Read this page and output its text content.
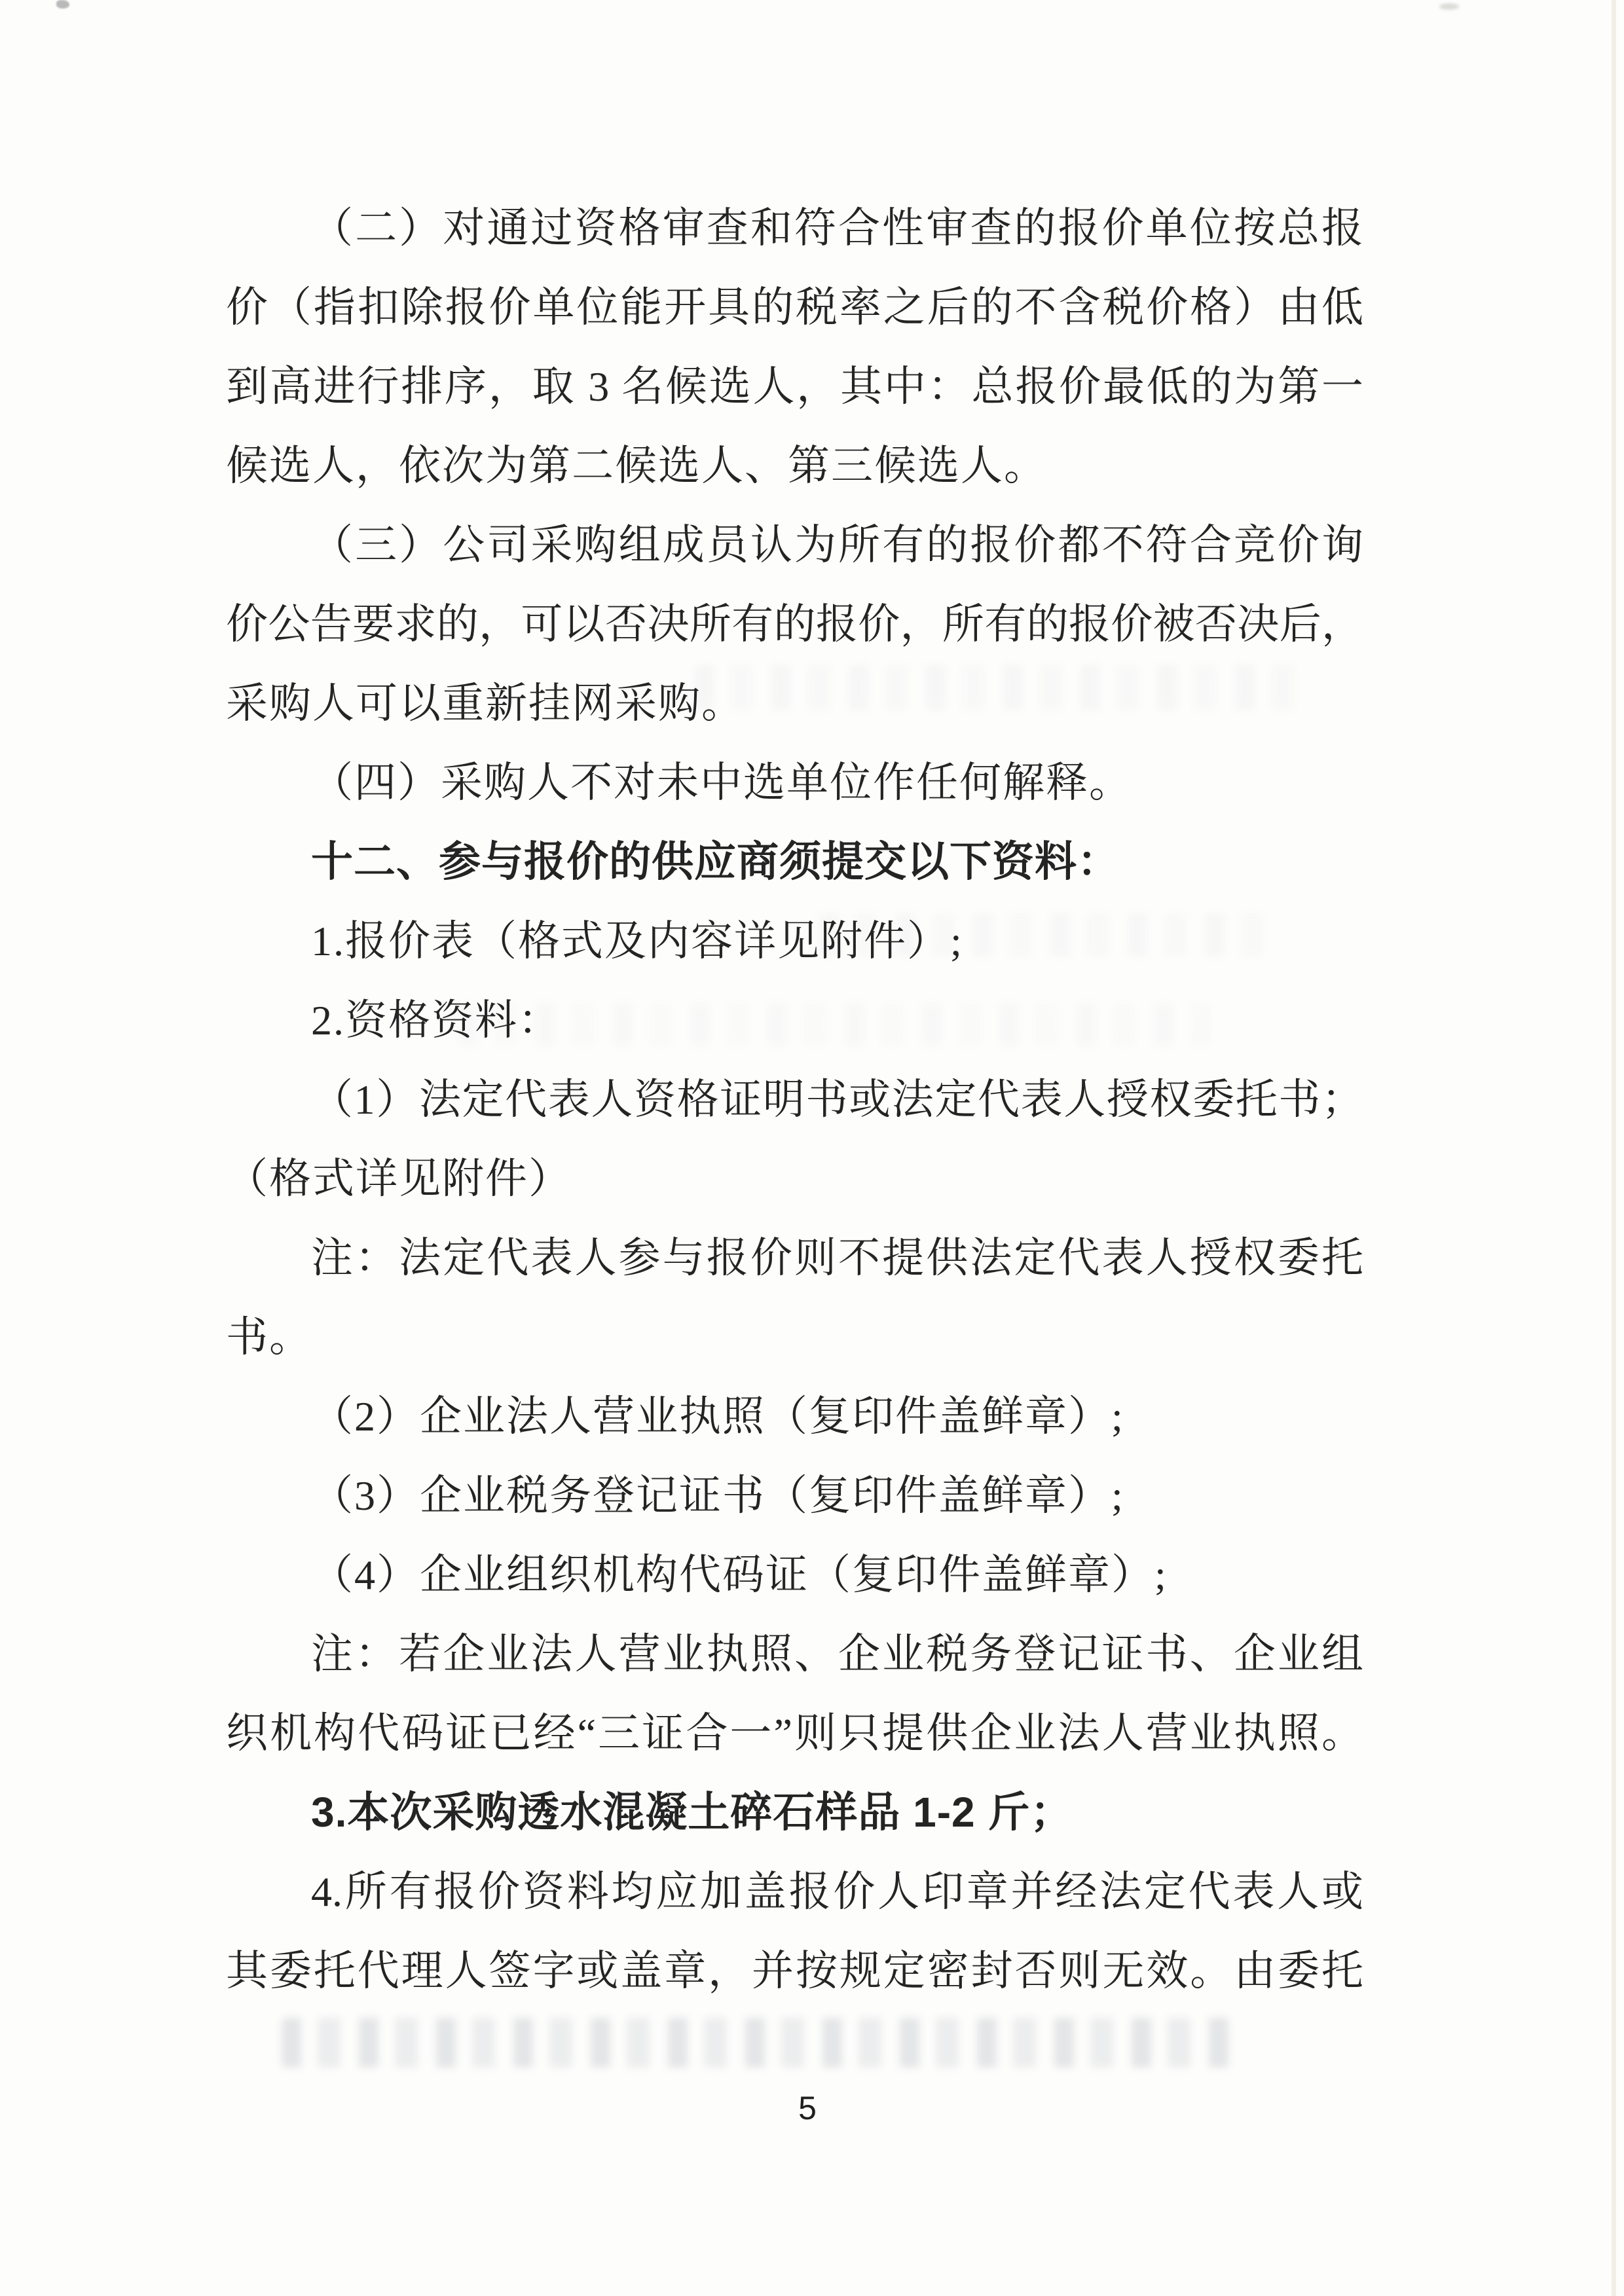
（二）对通过资格审查和符合性审查的报价单位按总报
价（指扣除报价单位能开具的税率之后的不含税价格）由低
到高进行排序，取 3 名候选人，其中：总报价最低的为第一
候选人，依次为第二候选人、第三候选人。
（三）公司采购组成员认为所有的报价都不符合竞价询
价公告要求的，可以否决所有的报价，所有的报价被否决后，
采购人可以重新挂网采购。
（四）采购人不对未中选单位作任何解释。
十二、参与报价的供应商须提交以下资料：
1.报价表（格式及内容详见附件）;
2.资格资料：
（1）法定代表人资格证明书或法定代表人授权委托书；
（格式详见附件）
注：法定代表人参与报价则不提供法定代表人授权委托
书。
（2）企业法人营业执照（复印件盖鲜章）;
（3）企业税务登记证书（复印件盖鲜章）;
（4）企业组织机构代码证（复印件盖鲜章）;
注：若企业法人营业执照、企业税务登记证书、企业组
织机构代码证已经“三证合一”则只提供企业法人营业执照。
3.本次采购透水混凝土碎石样品 1-2 斤；
4.所有报价资料均应加盖报价人印章并经法定代表人或
其委托代理人签字或盖章，并按规定密封否则无效。由委托
5
